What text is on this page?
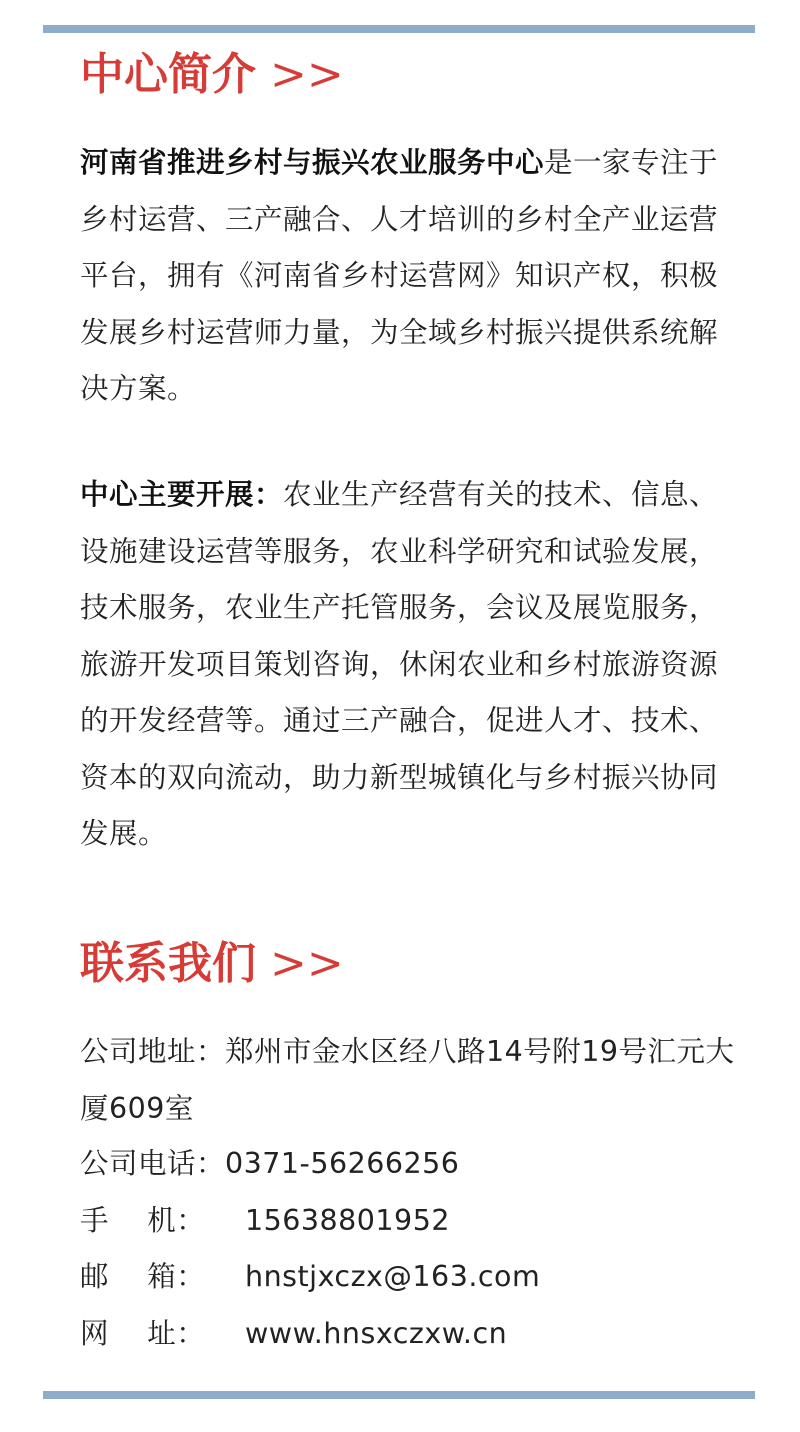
中心简介 >>

河南省推进乡村与振兴农业服务中心是一家专注于乡村运营、三产融合、人才培训的乡村全产业运营平台，拥有《河南省乡村运营网》知识产权，积极发展乡村运营师力量，为全域乡村振兴提供系统解决方案。

中心主要开展：农业生产经营有关的技术、信息、设施建设运营等服务，农业科学研究和试验发展，技术服务，农业生产托管服务，会议及展览服务，旅游开发项目策划咨询，休闲农业和乡村旅游资源的开发经营等。通过三产融合，促进人才、技术、资本的双向流动，助力新型城镇化与乡村振兴协同发展。

联系我们 >>

公司地址：郑州市金水区经八路14号附19号汇元大厦609室

公司电话： 0371-56266256
手    机：	15638801952
邮    箱：	hnstjxczx@163.com
网    址：	www.hnsxczxw.cn
